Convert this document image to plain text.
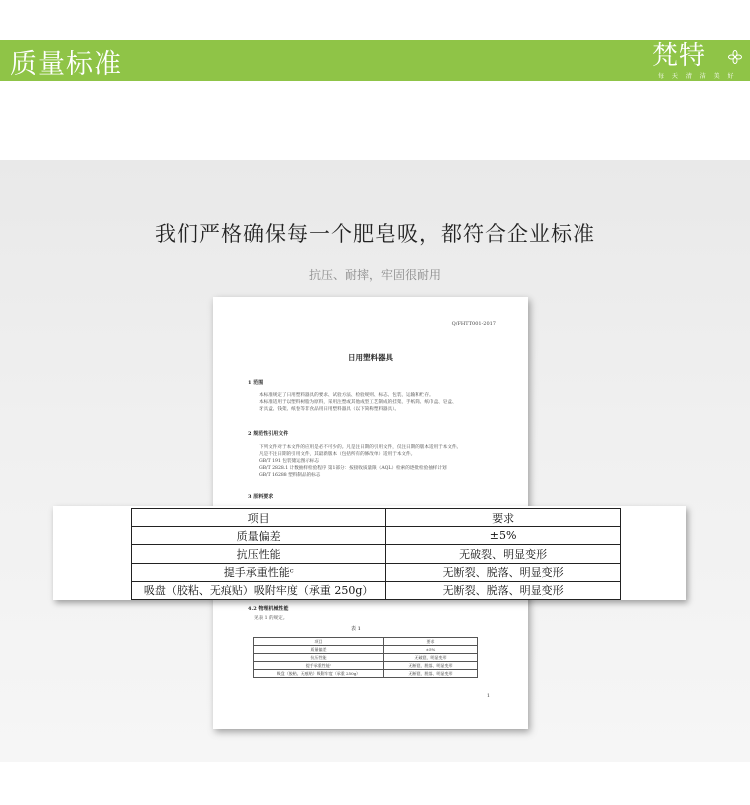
质量标准	梵特
每 天 清 洁 美 好
我们严格确保每一个肥皂吸，都符合企业标准
抗压、耐摔，牢固很耐用
Q/FHTT001-2017
日用塑料器具
1 范围
本标准规定了日用塑料器具的要求、试验方法、检验规则、标志、包装、运输和贮存。
本标准适用于以塑料树脂为原料，采用注塑或其他成型工艺制成的挂架、手纸筒、纸巾盒、皂盒、
牙具盒、钱架、纸卷等非食品用日用塑料器具（以下简称塑料器具）。
2 规范性引用文件
下列文件对于本文件的应用是必不可少的。凡是注日期的引用文件，仅注日期的版本适用于本文件。
凡是不注日期的引用文件，其最新版本（包括所有的修改单）适用于本文件。
GB/T 191 包装储运图示标志
GB/T 2828.1 计数抽样检验程序 第1部分：按接收质量限（AQL）检索的逐批检验抽样计划
GB/T 16288 塑料制品的标志
3 原料要求
4.2 物理机械性能
见表 1 的规定。
表 1
项目	要求
质量偏差	±5%
抗压性能	无破裂、明显变形
提手承重性能ᶜ	无断裂、脱落、明显变形
吸盘（胶粘、无痕贴）吸附牢度（承重 250g）	无断裂、脱落、明显变形
1
项目	要求
质量偏差	±5%
抗压性能	无破裂、明显变形
提手承重性能ᶜ	无断裂、脱落、明显变形
吸盘（胶粘、无痕贴）吸附牢度（承重 250g）	无断裂、脱落、明显变形
